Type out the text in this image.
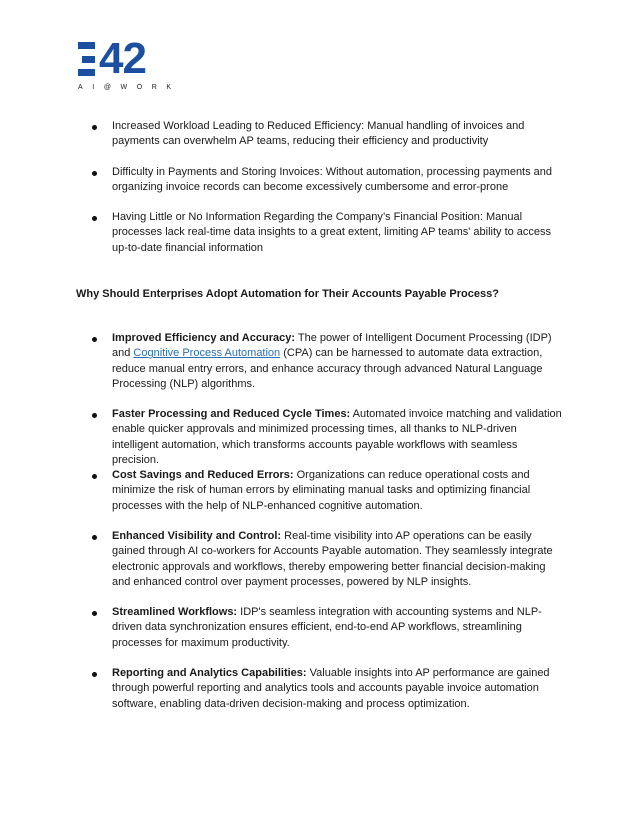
42
AI@WORK
Increased Workload Leading to Reduced Efficiency: Manual handling of invoices and payments can overwhelm AP teams, reducing their efficiency and productivity
Difficulty in Payments and Storing Invoices: Without automation, processing payments and organizing invoice records can become excessively cumbersome and error-prone
Having Little or No Information Regarding the Company’s Financial Position: Manual processes lack real-time data insights to a great extent, limiting AP teams' ability to access up-to-date financial information
Why Should Enterprises Adopt Automation for Their Accounts Payable Process?
Improved Efficiency and Accuracy: The power of Intelligent Document Processing (IDP) and Cognitive Process Automation (CPA) can be harnessed to automate data extraction, reduce manual entry errors, and enhance accuracy through advanced Natural Language Processing (NLP) algorithms.
Faster Processing and Reduced Cycle Times: Automated invoice matching and validation enable quicker approvals and minimized processing times, all thanks to NLP-driven intelligent automation, which transforms accounts payable workflows with seamless precision.
Cost Savings and Reduced Errors: Organizations can reduce operational costs and minimize the risk of human errors by eliminating manual tasks and optimizing financial processes with the help of NLP-enhanced cognitive automation.
Enhanced Visibility and Control: Real-time visibility into AP operations can be easily gained through AI co-workers for Accounts Payable automation. They seamlessly integrate electronic approvals and workflows, thereby empowering better financial decision-making and enhanced control over payment processes, powered by NLP insights.
Streamlined Workflows: IDP's seamless integration with accounting systems and NLP-driven data synchronization ensures efficient, end-to-end AP workflows, streamlining processes for maximum productivity.
Reporting and Analytics Capabilities: Valuable insights into AP performance are gained through powerful reporting and analytics tools and accounts payable invoice automation software, enabling data-driven decision-making and process optimization.
